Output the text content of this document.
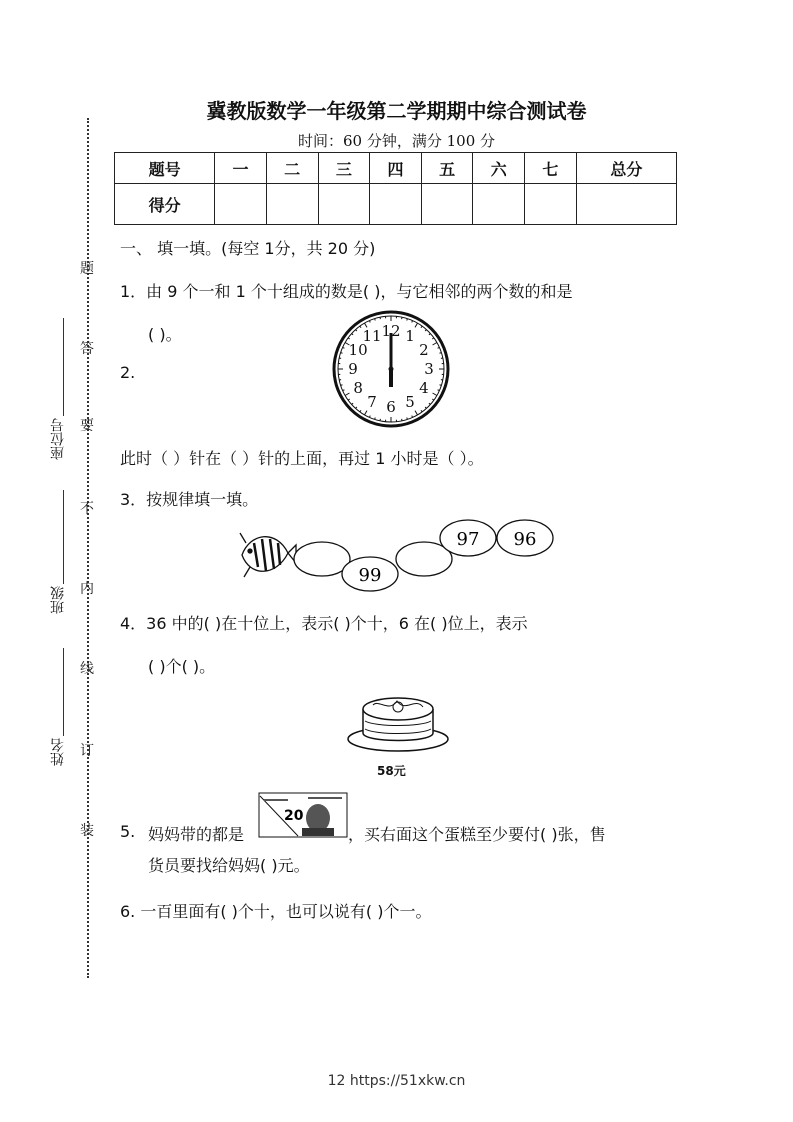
题
答
要
不
内
线
订
装
座位号
班级
姓名
冀教版数学一年级第二学期期中综合测试卷
时间：60 分钟，满分 100 分
题号	一	二	三	四	五	六	七	总分
得分								
一、 填一填。(每空 1分，共 20 分)
1．由 9 个一和 1 个十组成的数是( )，与它相邻的两个数的和是
( )。
2.
12 1
2
3
4
5
6
7
8
9
10
11
此时（ ）针在（ ）针的上面，再过 1 小时是（ ）。
3．按规律填一填。
99
97 96
4．36 中的( )在十位上，表示( )个十，6 在( )位上，表示
( )个( )。
58元
5. 妈妈带的都是
20
，买右面这个蛋糕至少要付( )张，售
货员要找给妈妈( )元。
6. 一百里面有( )个十，也可以说有( )个一。
12 https://51xkw.cn
